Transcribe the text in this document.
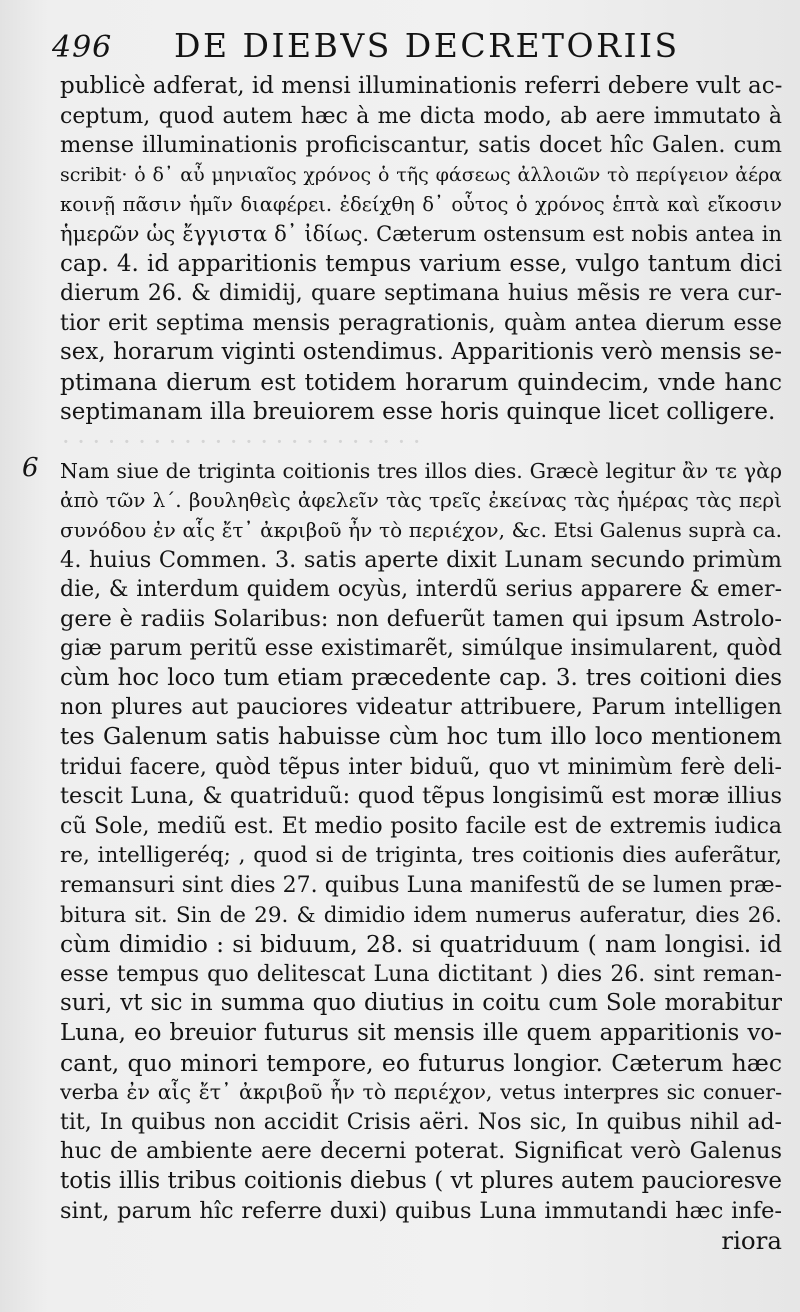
496 DE DIEBVS DECRETORIIS
· · · · · · · · · · · · · · · · · · · · · · · ·
6
publicè adferat, id mensi illuminationis referri debere vult ac-
ceptum, quod autem hæc à me dicta modo, ab aere immutato à
mense illuminationis proficiscantur, satis docet hîc Galen. cum
scribit· ὁ δ᾽ αὖ μηνιαῖος χρόνος ὁ τῆς φάσεως ἀλλοιῶν τὸ περίγειον ἀέρα
κοινῇ πᾶσιν ἡμῖν διαφέρει. ἐδείχθη δ᾽ οὗτος ὁ χρόνος ἑπτὰ καὶ εἴκοσιν
ἡμερῶν ὡς ἔγγιστα δ᾽ ἰδίως. Cæterum ostensum est nobis antea in
cap. 4. id apparitionis tempus varium esse, vulgo tantum dici
dierum 26. & dimidij, quare septimana huius mẽsis re vera cur-
tior erit septima mensis peragrationis, quàm antea dierum esse
sex, horarum viginti ostendimus. Apparitionis verò mensis se-
ptimana dierum est totidem horarum quindecim, vnde hanc
septimanam illa breuiorem esse horis quinque licet colligere.
Nam siue de triginta coitionis tres illos dies. Græcè legitur ἂν τε γὰρ
ἀπὸ τῶν λ´. βουληθεὶς ἀφελεῖν τὰς τρεῖς ἐκείνας τὰς ἡμέρας τὰς περὶ
συνόδου ἐν αἷς ἔτ᾽ ἀκριβοῦ ἦν τὸ περιέχον, &c. Etsi Galenus suprà ca.
4. huius Commen. 3. satis aperte dixit Lunam secundo primùm
die, & interdum quidem ocyùs, interdũ serius apparere & emer-
gere è radiis Solaribus: non defuerũt tamen qui ipsum Astrolo-
giæ parum peritũ esse existimarẽt, simúlque insimularent, quòd
cùm hoc loco tum etiam præcedente cap. 3. tres coitioni dies
non plures aut pauciores videatur attribuere, Parum intelligen
tes Galenum satis habuisse cùm hoc tum illo loco mentionem
tridui facere, quòd tẽpus inter biduũ, quo vt minimùm ferè deli-
tescit Luna, & quatriduũ: quod tẽpus longisimũ est moræ illius
cũ Sole, mediũ est. Et medio posito facile est de extremis iudica
re, intelligeréq; , quod si de triginta, tres coitionis dies auferãtur,
remansuri sint dies 27. quibus Luna manifestũ de se lumen præ-
bitura sit. Sin de 29. & dimidio idem numerus auferatur, dies 26.
cùm dimidio : si biduum, 28. si quatriduum ( nam longisi. id
esse tempus quo delitescat Luna dictitant ) dies 26. sint reman-
suri, vt sic in summa quo diutius in coitu cum Sole morabitur
Luna, eo breuior futurus sit mensis ille quem apparitionis vo-
cant, quo minori tempore, eo futurus longior. Cæterum hæc
verba ἐν αἷς ἔτ᾽ ἀκριβοῦ ἦν τὸ περιέχον, vetus interpres sic conuer-
tit, In quibus non accidit Crisis aëri. Nos sic, In quibus nihil ad-
huc de ambiente aere decerni poterat. Significat verò Galenus
totis illis tribus coitionis diebus ( vt plures autem paucioresve
sint, parum hîc referre duxi) quibus Luna immutandi hæc infe-
riora
